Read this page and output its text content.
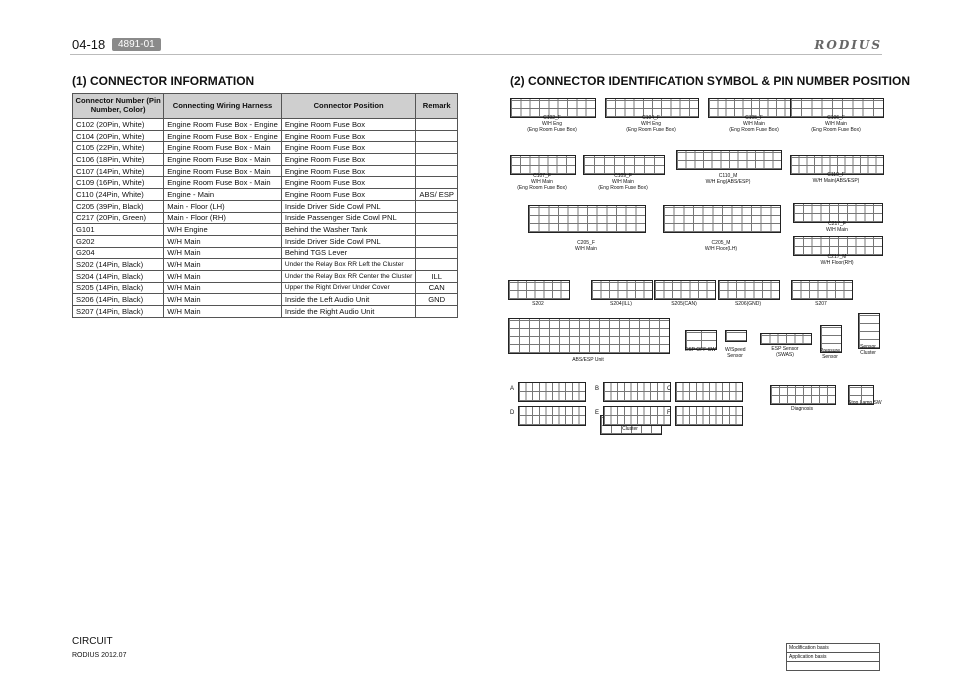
04-18	4891-01	RODIUS
(1) CONNECTOR INFORMATION	(2) CONNECTOR IDENTIFICATION SYMBOL & PIN NUMBER POSITION
Connector Number (Pin Number, Color)	Connecting Wiring Harness	Connector Position	Remark
C102 (20Pin, White)	Engine Room Fuse Box - Engine	Engine Room Fuse Box	
C104 (20Pin, White)	Engine Room Fuse Box - Engine	Engine Room Fuse Box	
C105 (22Pin, White)	Engine Room Fuse Box - Main	Engine Room Fuse Box	
C106 (18Pin, White)	Engine Room Fuse Box - Main	Engine Room Fuse Box	
C107 (14Pin, White)	Engine Room Fuse Box - Main	Engine Room Fuse Box	
C109 (16Pin, White)	Engine Room Fuse Box - Main	Engine Room Fuse Box	
C110 (24Pin, White)	Engine - Main	Engine Room Fuse Box	ABS/ ESP
C205 (39Pin, Black)	Main - Floor (LH)	Inside Driver Side Cowl PNL	
C217 (20Pin, Green)	Main - Floor (RH)	Inside Passenger Side Cowl PNL	
G101	W/H Engine	Behind the Washer Tank	
G202	W/H Main	Inside Driver Side Cowl PNL	
G204	W/H Main	Behind TGS Lever	
S202 (14Pin, Black)	W/H Main	Under the Relay Box RR Left the Cluster	
S204 (14Pin, Black)	W/H Main	Under the Relay Box RR Center the Cluster	ILL
S205 (14Pin, Black)	W/H Main	Upper the Right Driver Under Cover	CAN
S206 (14Pin, Black)	W/H Main	Inside the Left Audio Unit	GND
S207 (14Pin, Black)	W/H Main	Inside the Right Audio Unit	
C102_F
W/H Eng
(Eng Room Fuse Box)
C104_F
W/H Eng
(Eng Room Fuse Box)
C105_F
W/H Main
(Eng Room Fuse Box)
C106_F
W/H Main
(Eng Room Fuse Box)
C107_F
W/H Main
(Eng Room Fuse Box)
C109_F
W/H Main
(Eng Room Fuse Box)
C110_M
W/H Eng(ABS/ESP)
C110_F
W/H Main(ABS/ESP)
C205_F
W/H Main
C205_M
W/H Floor(LH)
C217_F
W/H Main
C217_M
W/H Floor(RH)
S202	S204(ILL)	S205(CAN)	S206(GND)	S207
ABS/ESP Unit
ESP OFF SW W/Speed
Sensor
ESP Sensor
(SWAS)
Pressure
Sensor
Sensor
Cluster
Cluster
Diagnosis
Stop Lamp SW
A	B	C
D	E	F
CIRCUIT
RODIUS 2012.07
Modification basis
Application basis
